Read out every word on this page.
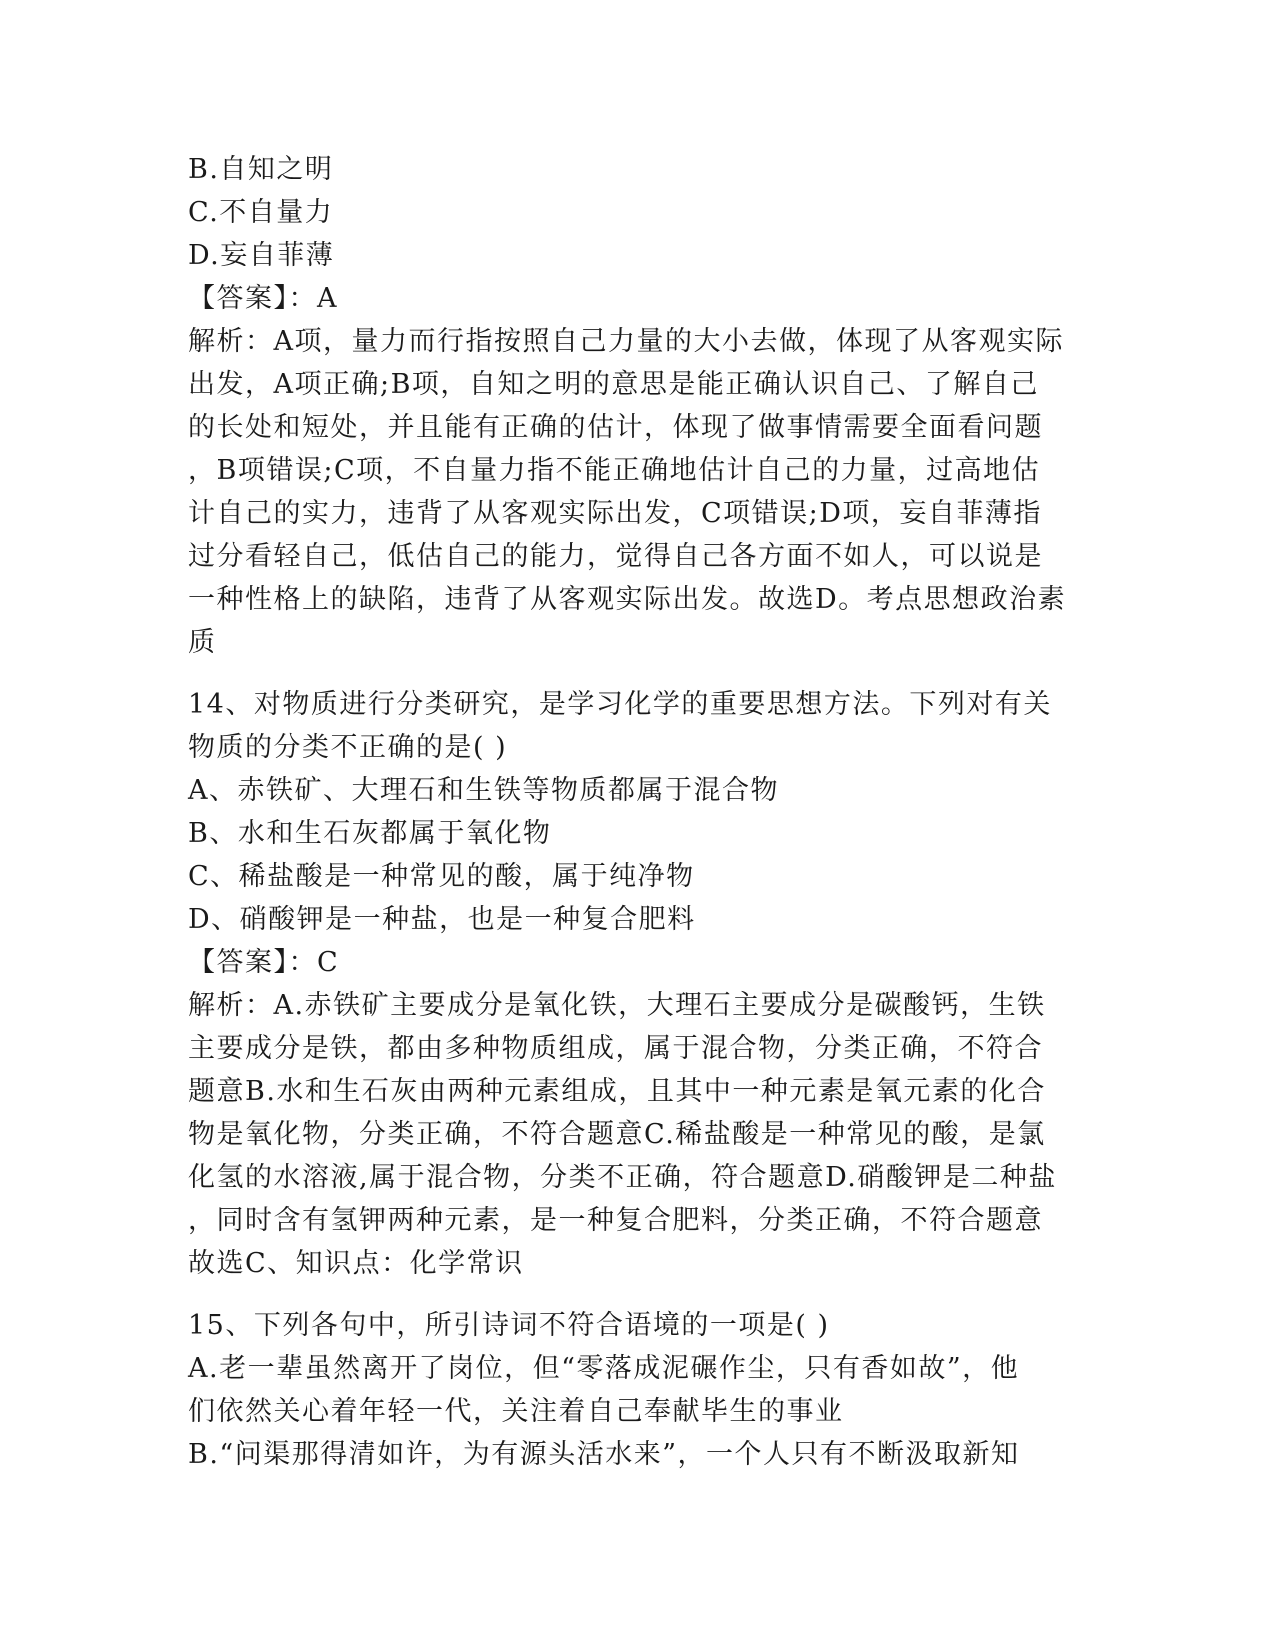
B.自知之明
C.不自量力
D.妄自菲薄
【答案】：A
解析：A项，量力而行指按照自己力量的大小去做，体现了从客观实际
出发，A项正确;B项，自知之明的意思是能正确认识自己、了解自己
的长处和短处，并且能有正确的估计，体现了做事情需要全面看问题
，B项错误;C项，不自量力指不能正确地估计自己的力量，过高地估
计自己的实力，违背了从客观实际出发，C项错误;D项，妄自菲薄指
过分看轻自己，低估自己的能力，觉得自己各方面不如人，可以说是
一种性格上的缺陷，违背了从客观实际出发。故选D。考点思想政治素
质
14、对物质进行分类研究，是学习化学的重要思想方法。下列对有关
物质的分类不正确的是( )
A、赤铁矿、大理石和生铁等物质都属于混合物
B、水和生石灰都属于氧化物
C、稀盐酸是一种常见的酸，属于纯净物
D、硝酸钾是一种盐，也是一种复合肥料
【答案】：C
解析：A.赤铁矿主要成分是氧化铁，大理石主要成分是碳酸钙，生铁
主要成分是铁，都由多种物质组成，属于混合物，分类正确，不符合
题意B.水和生石灰由两种元素组成，且其中一种元素是氧元素的化合
物是氧化物，分类正确，不符合题意C.稀盐酸是一种常见的酸，是氯
化氢的水溶液,属于混合物，分类不正确，符合题意D.硝酸钾是二种盐
，同时含有氢钾两种元素，是一种复合肥料，分类正确，不符合题意
故选C、知识点：化学常识
15、下列各句中，所引诗词不符合语境的一项是( )
A.老一辈虽然离开了岗位，但“零落成泥碾作尘，只有香如故”，他
们依然关心着年轻一代，关注着自己奉献毕生的事业
B.“问渠那得清如许，为有源头活水来”，一个人只有不断汲取新知
